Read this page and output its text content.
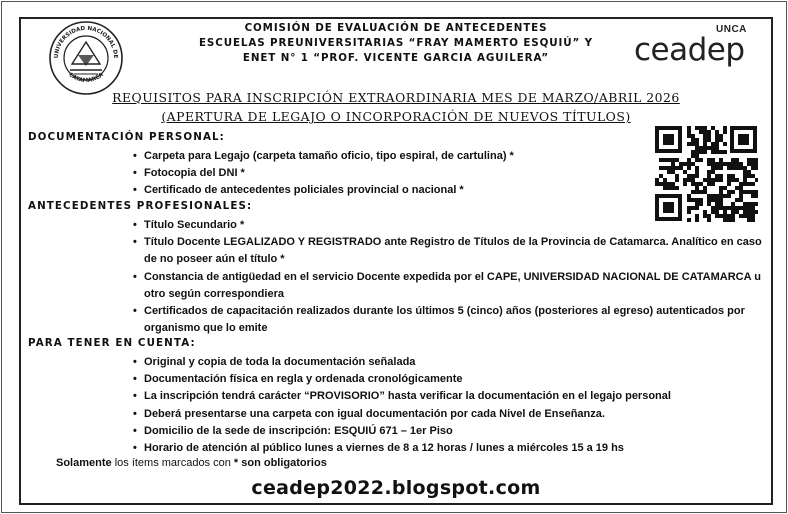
UNIVERSIDAD NACIONAL DE
CATAMARCA
COMISIÓN DE EVALUACIÓN DE ANTECEDENTES
ESCUELAS PREUNIVERSITARIAS “FRAY MAMERTO ESQUIÚ” Y
ENET N° 1 “PROF. VICENTE GARCIA AGUILERA”
UNCA
ceadep
REQUISITOS PARA INSCRIPCIÓN EXTRAORDINARIA MES DE MARZO/ABRIL 2026
(APERTURA DE LEGAJO O INCORPORACIÓN DE NUEVOS TÍTULOS)
DOCUMENTACIÓN PERSONAL:
• Carpeta para Legajo (carpeta tamaño oficio, tipo espiral, de cartulina) *
• Fotocopia del DNI *
• Certificado de antecedentes policiales provincial o nacional *
ANTECEDENTES PROFESIONALES:
• Título Secundario *
• Título Docente LEGALIZADO Y REGISTRADO ante Registro de Títulos de la Provincia de Catamarca. Analítico en caso de no poseer aún el título *
• Constancia de antigüedad en el servicio Docente expedida por el CAPE, UNIVERSIDAD NACIONAL DE CATAMARCA u otro según correspondiera
• Certificados de capacitación realizados durante los últimos 5 (cinco) años (posteriores al egreso) autenticados por organismo que lo emite
PARA TENER EN CUENTA:
• Original y copia de toda la documentación señalada
• Documentación física en regla y ordenada cronológicamente
• La inscripción tendrá carácter “PROVISORIO” hasta verificar la documentación en el legajo personal
• Deberá presentarse una carpeta con igual documentación por cada Nivel de Enseñanza.
• Domicilio de la sede de inscripción: ESQUIÚ 671 – 1er Piso
• Horario de atención al público lunes a viernes de 8 a 12 horas / lunes a miércoles 15 a 19 hs
Solamente los ítems marcados con * son obligatorios
ceadep2022.blogspot.com
